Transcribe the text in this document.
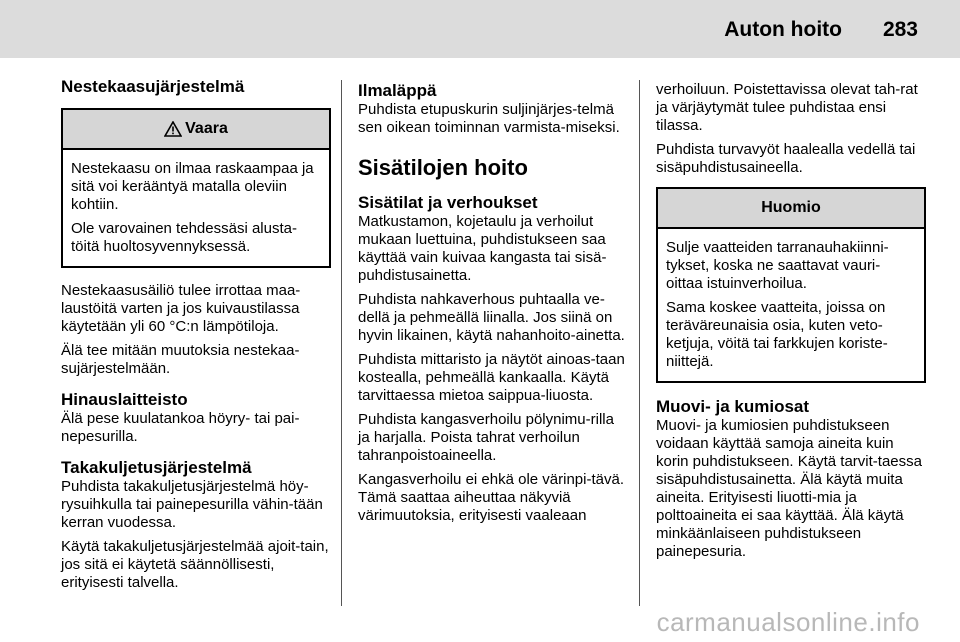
Auton hoito 283
Nestekaasujärjestelmä
Vaara

Nestekaasu on ilmaa raskaampaa ja sitä voi kerääntyä matalla oleviin kohtiin.

Ole varovainen tehdessäsi alusta-töitä huoltosyvennyksessä.

Nestekaasusäiliö tulee irrottaa maa-laustöitä varten ja jos kuivaustilassa käytetään yli 60 °C:n lämpötiloja.

Älä tee mitään muutoksia nestekaa-sujärjestelmään.

Hinauslaitteisto

Älä pese kuulatankoa höyry- tai pai-nepesurilla.

Takakuljetusjärjestelmä

Puhdista takakuljetusjärjestelmä höy-rysuihkulla tai painepesurilla vähin-tään kerran vuodessa.

Käytä takakuljetusjärjestelmää ajoit-tain, jos sitä ei käytetä säännöllisesti, erityisesti talvella.

Ilmaläppä

Puhdista etupuskurin suljinjärjes-telmä sen oikean toiminnan varmista-miseksi.

Sisätilojen hoito
Sisätilat ja verhoukset

Matkustamon, kojetaulu ja verhoilut mukaan luettuina, puhdistukseen saa käyttää vain kuivaa kangasta tai sisä-puhdistusainetta.

Puhdista nahkaverhous puhtaalla ve-dellä ja pehmeällä liinalla. Jos siinä on hyvin likainen, käytä nahanhoito-ainetta.

Puhdista mittaristo ja näytöt ainoas-taan kostealla, pehmeällä kankaalla. Käytä tarvittaessa mietoa saippua-liuosta.

Puhdista kangasverhoilu pölynimu-rilla ja harjalla. Poista tahrat verhoilun tahranpoistoaineella.

Kangasverhoilu ei ehkä ole värinpi-tävä. Tämä saattaa aiheuttaa näkyviä värimuutoksia, erityisesti vaaleaan

verhoiluun. Poistettavissa olevat tah-rat ja värjäytymät tulee puhdistaa ensi tilassa.

Puhdista turvavyöt haalealla vedellä tai sisäpuhdistusaineella.

Huomio

Sulje vaatteiden tarranauhakiinni-tykset, koska ne saattavat vauri-oittaa istuinverhoilua.

Sama koskee vaatteita, joissa on teräväreunaisia osia, kuten veto-ketjuja, vöitä tai farkkujen koriste-niittejä.

Muovi- ja kumiosat

Muovi- ja kumiosien puhdistukseen voidaan käyttää samoja aineita kuin korin puhdistukseen. Käytä tarvit-taessa sisäpuhdistusainetta. Älä käytä muita aineita. Erityisesti liuotti-mia ja polttoaineita ei saa käyttää. Älä käytä minkäänlaiseen puhdistukseen painepesuria.

carmanualsonline.info
